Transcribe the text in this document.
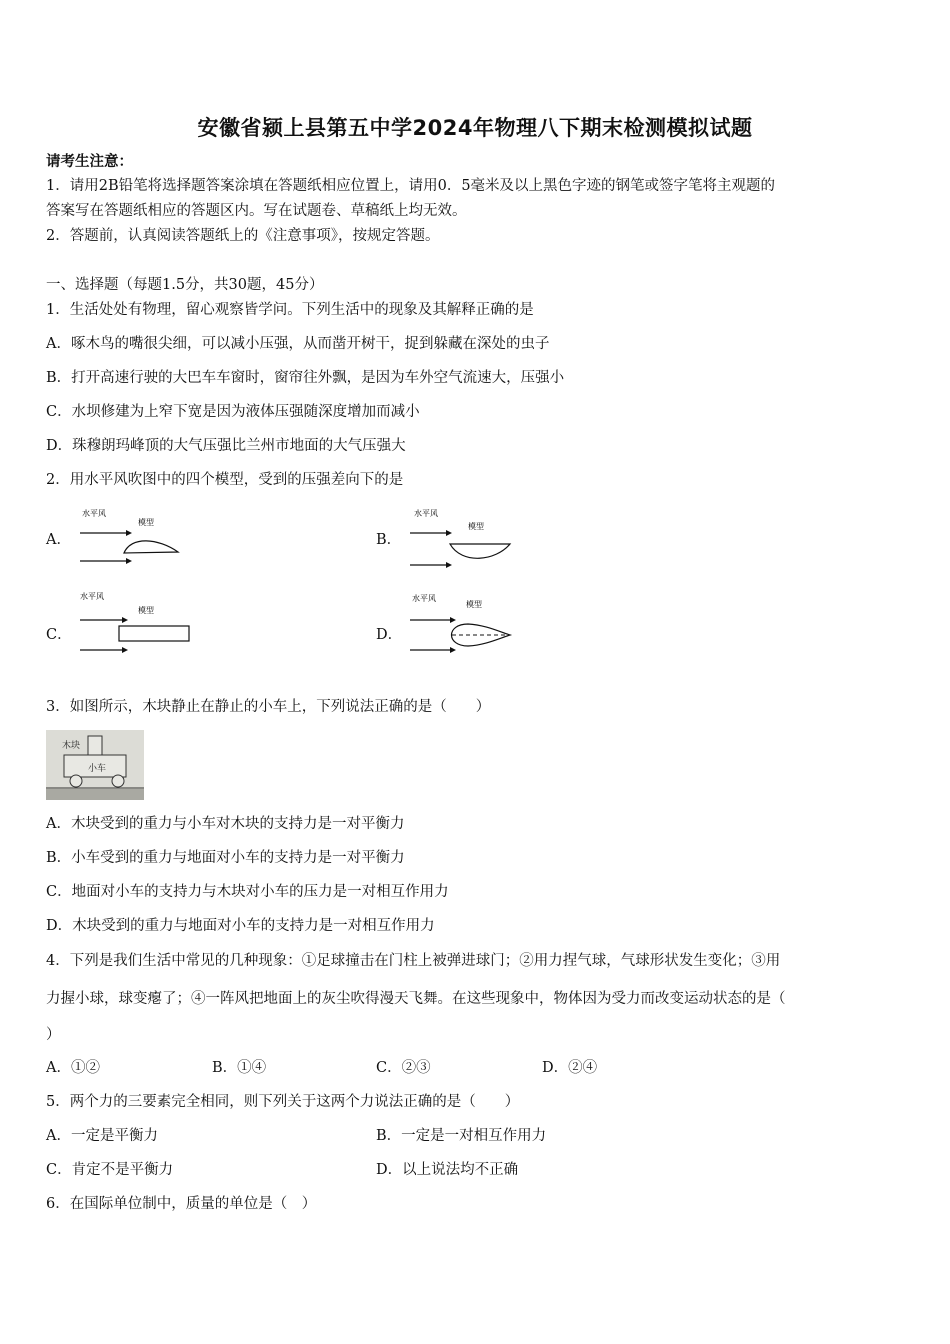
安徽省颍上县第五中学2024年物理八下期末检测模拟试题
请考生注意：
1．请用2B铅笔将选择题答案涂填在答题纸相应位置上，请用0．5毫米及以上黑色字迹的钢笔或签字笔将主观题的
答案写在答题纸相应的答题区内。写在试题卷、草稿纸上均无效。
2．答题前，认真阅读答题纸上的《注意事项》，按规定答题。
一、选择题（每题1.5分，共30题，45分）
1．生活处处有物理，留心观察皆学问。下列生活中的现象及其解释正确的是
A．啄木鸟的嘴很尖细，可以减小压强，从而凿开树干，捉到躲藏在深处的虫子
B．打开高速行驶的大巴车车窗时，窗帘往外飘，是因为车外空气流速大，压强小
C．水坝修建为上窄下宽是因为液体压强随深度增加而减小
D．珠穆朗玛峰顶的大气压强比兰州市地面的大气压强大
2．用水平风吹图中的四个模型，受到的压强差向下的是
A．
水平风
模型
B．
水平风
模型
C．
水平风
模型
D．
水平风
模型
3．如图所示，木块静止在静止的小车上，下列说法正确的是（　　）
木块
小车
A．木块受到的重力与小车对木块的支持力是一对平衡力
B．小车受到的重力与地面对小车的支持力是一对平衡力
C．地面对小车的支持力与木块对小车的压力是一对相互作用力
D．木块受到的重力与地面对小车的支持力是一对相互作用力
4．下列是我们生活中常见的几种现象：①足球撞击在门柱上被弹进球门；②用力捏气球，气球形状发生变化；③用
力握小球，球变瘪了；④一阵风把地面上的灰尘吹得漫天飞舞。在这些现象中，物体因为受力而改变运动状态的是（
）
A．①②	B．①④	C．②③	D．②④
5．两个力的三要素完全相同，则下列关于这两个力说法正确的是（　　）
A．一定是平衡力	B．一定是一对相互作用力
C．肯定不是平衡力	D．以上说法均不正确
6．在国际单位制中，质量的单位是（　）
